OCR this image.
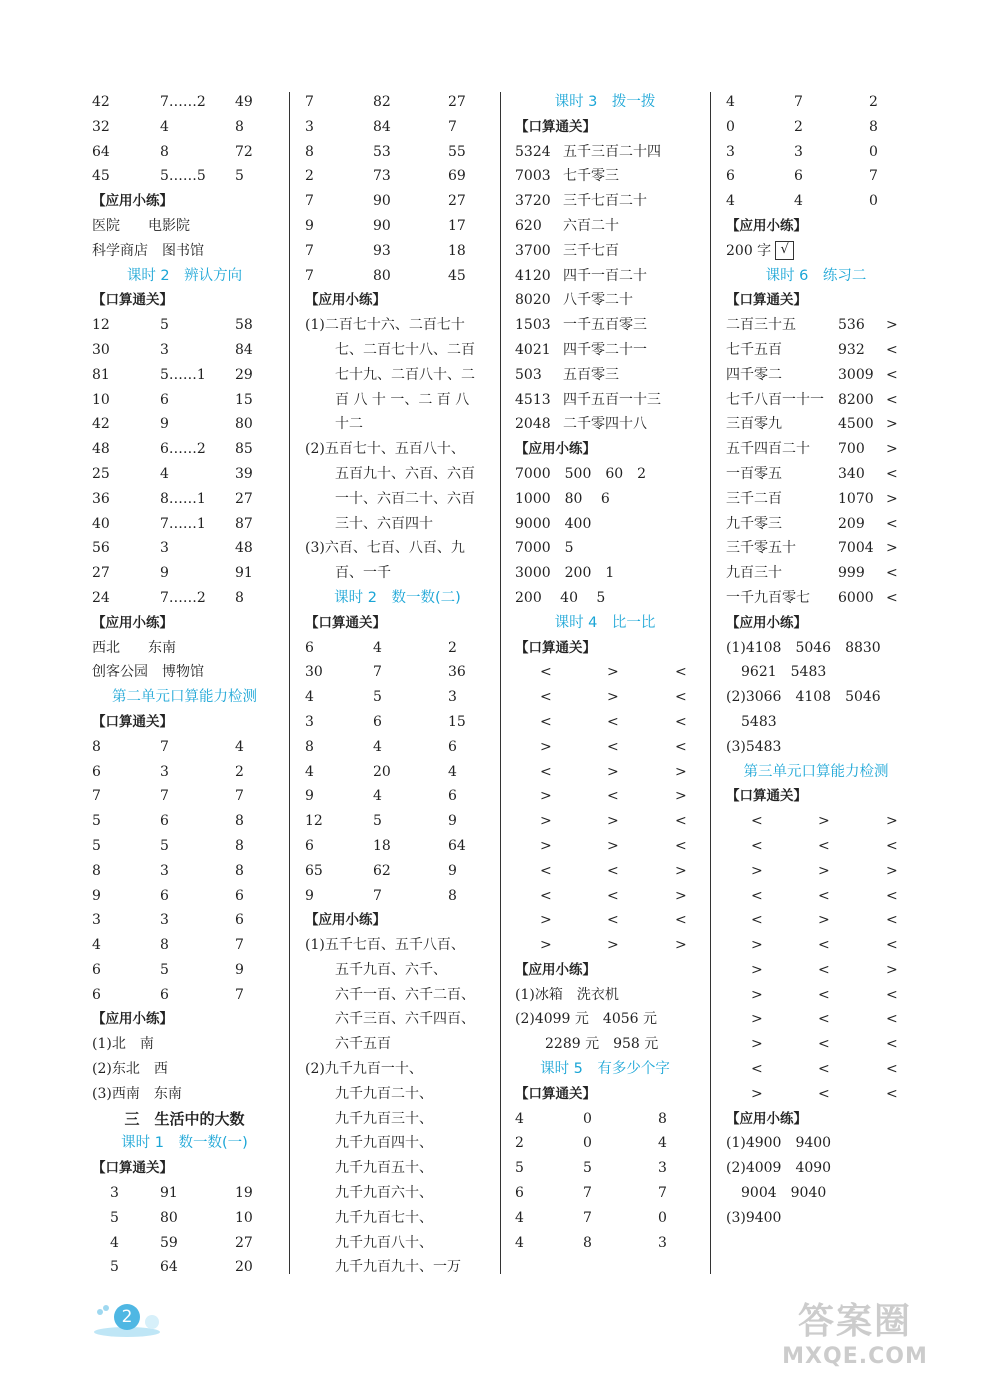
42	7……2 49
32	4	8
64	8	72
45	5……5 5
【应用小练】
医院　　电影院
科学商店　图书馆
课时 2　辨认方向
【口算通关】
12	5	58
30	3	84
81	5……1 29
10	6	15
42	9	80
48	6……2 85
25	4	39
36	8……1 27
40	7……1 87
56	3	48
27	9	91
24	7……2 8
【应用小练】
西北　　东南
创客公园　博物馆
第二单元口算能力检测
【口算通关】
8	7	4
6	3	2
7	7	7
5	6	8
5	5	8
8	3	8
9	6	6
3	3	6
4	8	7
6	5	9
6	6	7
【应用小练】
(1)北　南
(2)东北　西
(3)西南　东南
三　生活中的大数
课时 1　数一数(一)
【口算通关】
3	91	19
5	80	10
4	59	27
5	64	20
7	82	27
3	84	7
8	53	55
2	73	69
7	90	27
9	90	17
7	93	18
7	80	45
【应用小练】
(1)二百七十六、二百七十
七、二百七十八、二百
七十九、二百八十、二
百 八 十 一、二 百 八
十二
(2)五百七十、五百八十、
五百九十、六百、六百
一十、六百二十、六百
三十、六百四十
(3)六百、七百、八百、九
百、一千
课时 2　数一数(二)
【口算通关】
6	4	2
30	7	36
4	5	3
3	6	15
8	4	6
4	20	4
9	4	6
12	5	9
6	18	64
65	62	9
9	7	8
【应用小练】
(1)五千七百、五千八百、
五千九百、六千、
六千一百、六千二百、
六千三百、六千四百、
六千五百
(2)九千九百一十、
九千九百二十、
九千九百三十、
九千九百四十、
九千九百五十、
九千九百六十、
九千九百七十、
九千九百八十、
九千九百九十、一万
课时 3　拨一拨
【口算通关】
5324 五千三百二十四
7003 七千零三
3720 三千七百二十
620 六百二十
3700 三千七百
4120 四千一百二十
8020 八千零二十
1503 一千五百零三
4021 四千零二十一
503 五百零三
4513 四千五百一十三
2048 二千零四十八
【应用小练】
7000　500　60　2
1000　80　 6
9000　400
7000　5
3000　200　1
200　 40　 5
课时 4　比一比
【口算通关】
<	>	<
<	>	<
<	<	<
>	<	<
<	>	>
>	<	>
>	>	<
>	>	<
<	<	>
<	<	>
>	<	<
>	>	>
【应用小练】
(1)冰箱　洗衣机
(2)4099 元　4056 元
2289 元　958 元
课时 5　有多少个字
【口算通关】
4	0	8
2	0	4
5	5	3
6	7	7
4	7	0
4	8	3
4	7	2
0	2	8
3	3	0
6	6	7
4	4	0
【应用小练】
200 字 √
课时 6　练习二
【口算通关】
二百三十五	536 >
七千五百	932 <
四千零二	3009 <
七千八百一十一 8200 <
三百零九	4500 >
五千四百二十 700 >
一百零五	340 <
三千二百	1070 >
九千零三	209 <
三千零五十	7004 >
九百三十	999 <
一千九百零七 6000 <
【应用小练】
(1)4108　5046　8830
9621　5483
(2)3066　4108　5046
5483
(3)5483
第三单元口算能力检测
【口算通关】
<	>	>
<	<	<
>	>	>
<	<	<
<	>	<
>	<	<
>	<	>
>	<	<
>	<	<
>	<	<
<	<	<
>	<	<
【应用小练】
(1)4900　9400
(2)4009　4090
9004　9040
(3)9400
2	答案圈
MXQE.COM
